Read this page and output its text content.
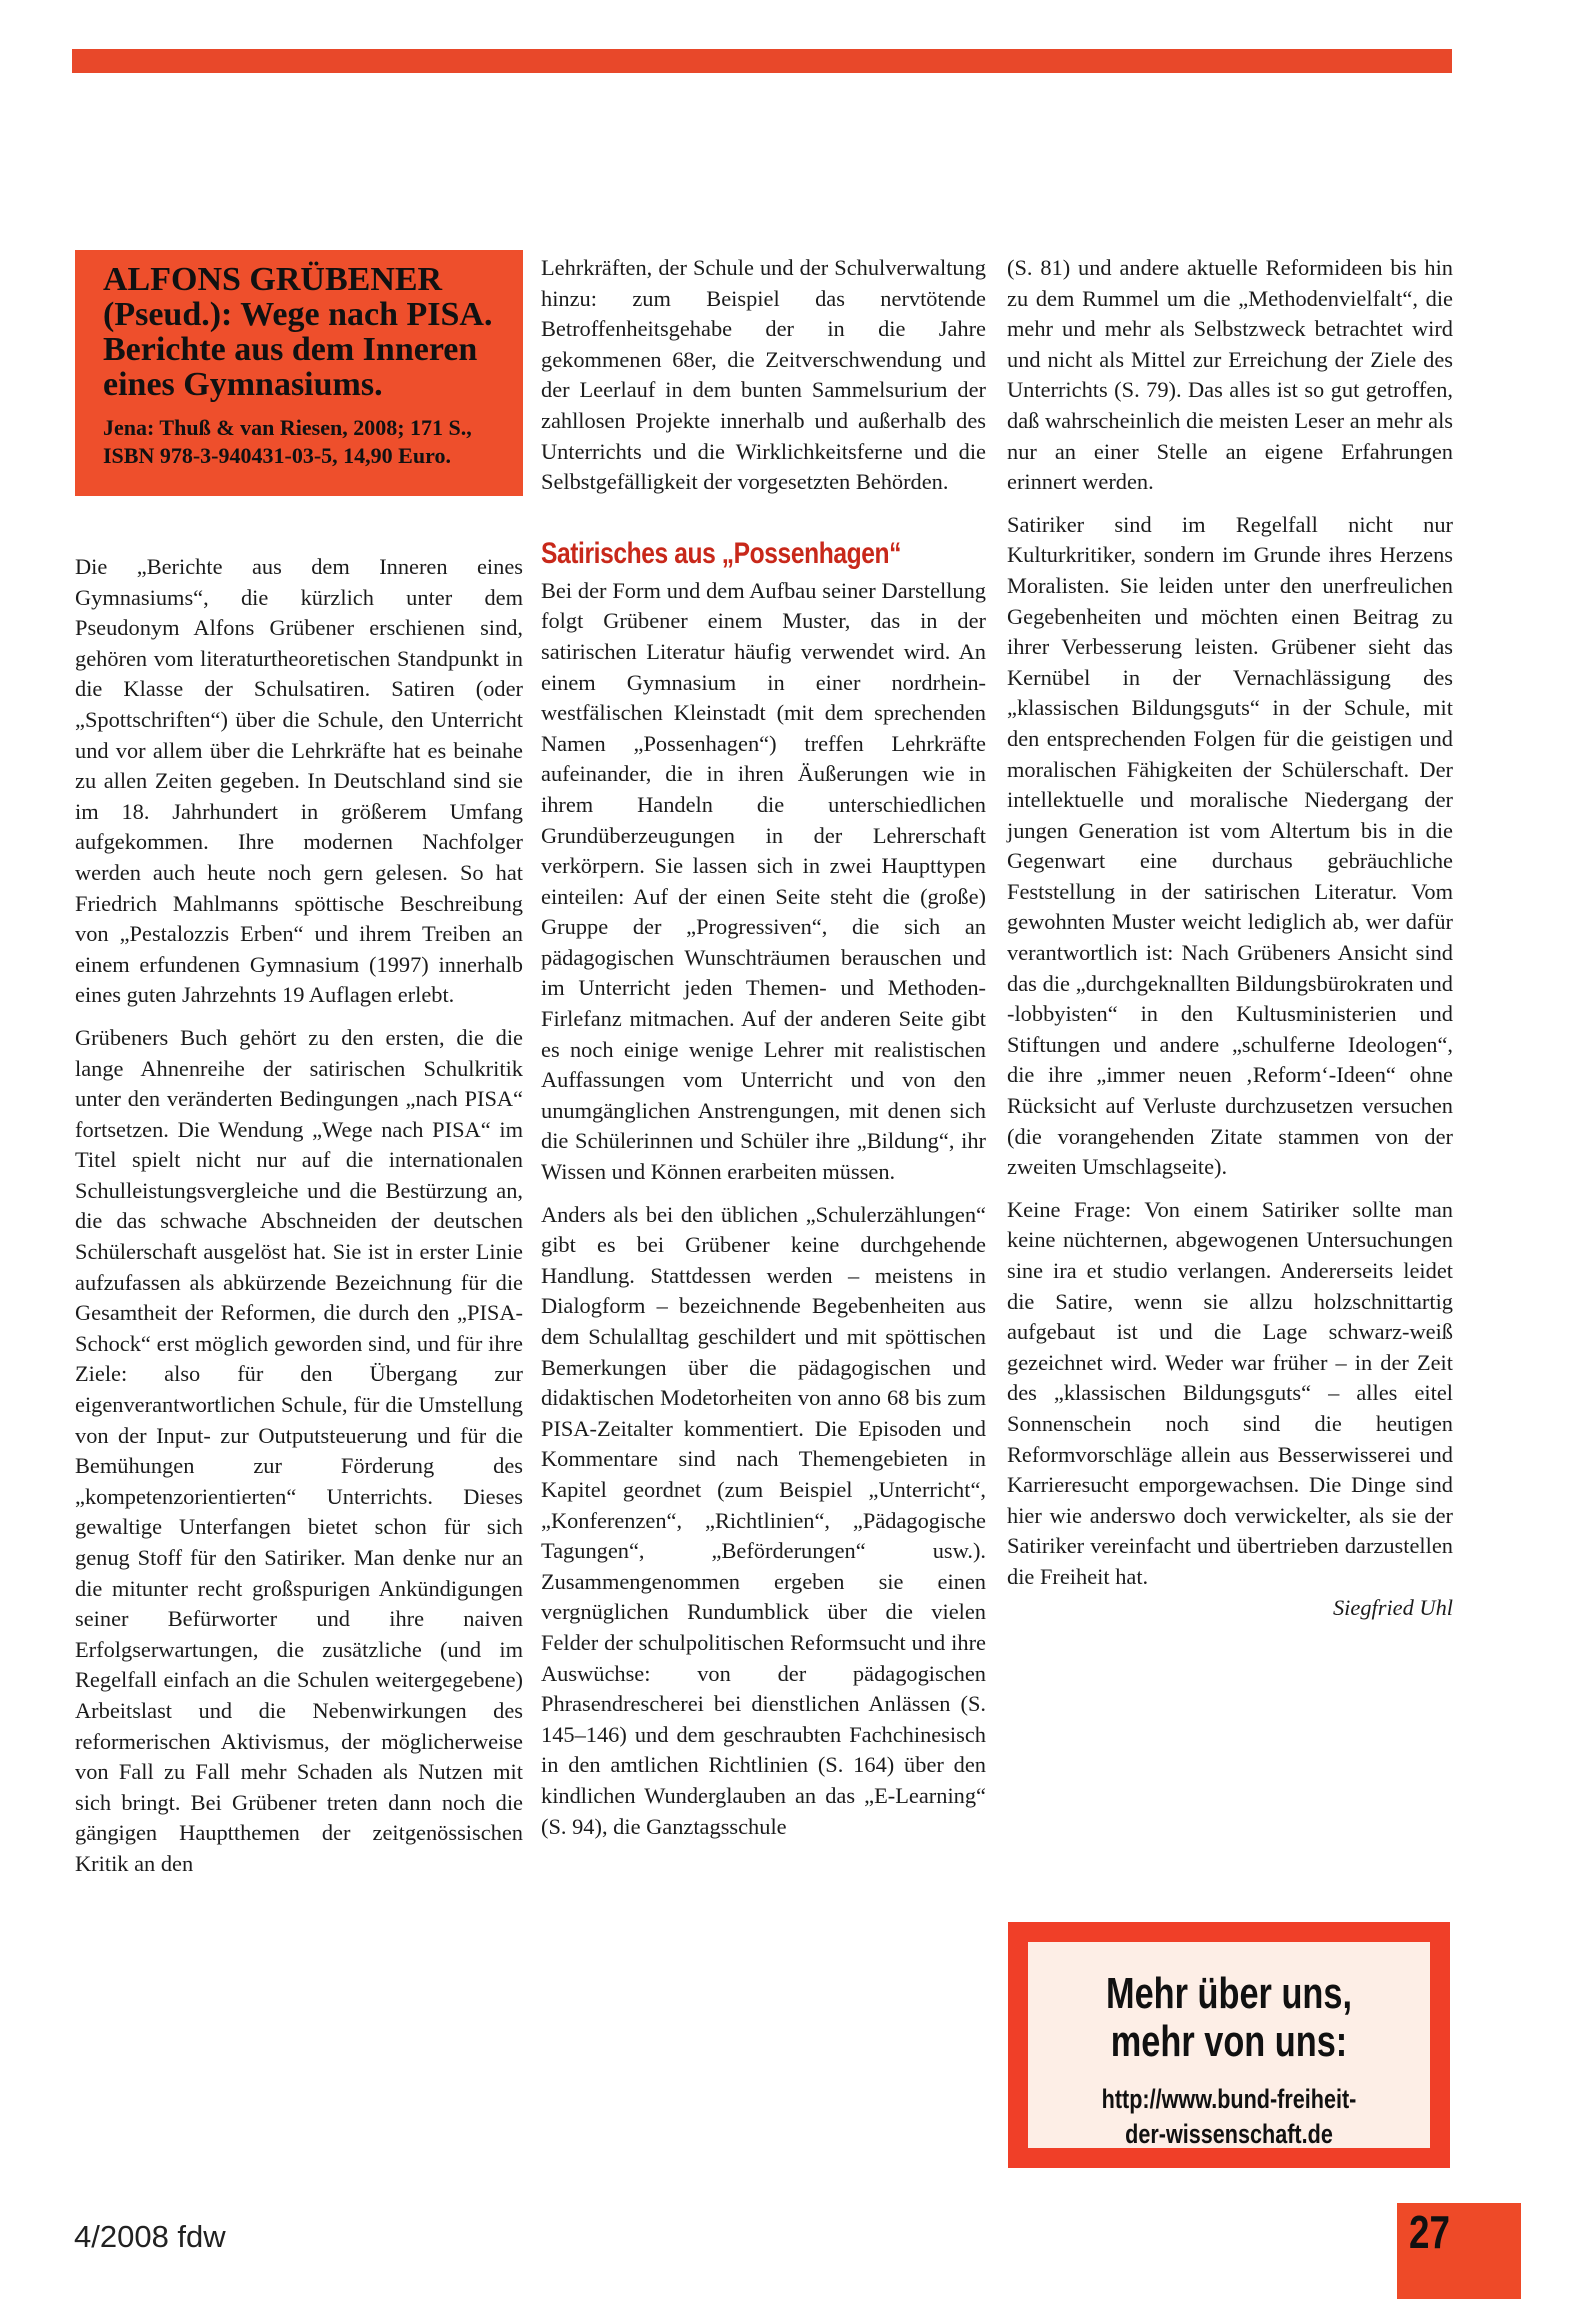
ALFONS GRÜBENER (Pseud.): Wege nach PISA. Berichte aus dem Inneren eines Gymnasiums.

Jena: Thuß & van Riesen, 2008; 171 S., ISBN 978-3-940431-03-5, 14,90 Euro.

Die „Berichte aus dem Inneren eines Gymnasiums“, die kürzlich unter dem Pseudonym Alfons Grübener erschienen sind, gehören vom literaturtheoretischen Standpunkt in die Klasse der Schulsatiren. Satiren (oder „Spottschriften“) über die Schule, den Unterricht und vor allem über die Lehrkräfte hat es beinahe zu allen Zeiten gegeben. In Deutschland sind sie im 18. Jahrhundert in größerem Umfang aufgekommen. Ihre modernen Nachfolger werden auch heute noch gern gelesen. So hat Friedrich Mahlmanns spöttische Beschreibung von „Pestalozzis Erben“ und ihrem Treiben an einem erfundenen Gymnasium (1997) innerhalb eines guten Jahrzehnts 19 Auflagen erlebt.

Grübeners Buch gehört zu den ersten, die die lange Ahnenreihe der satirischen Schulkritik unter den veränderten Bedingungen „nach PISA“ fortsetzen. Die Wendung „Wege nach PISA“ im Titel spielt nicht nur auf die internationalen Schulleistungsvergleiche und die Bestürzung an, die das schwache Abschneiden der deutschen Schülerschaft ausgelöst hat. Sie ist in erster Linie aufzufassen als abkürzende Bezeichnung für die Gesamtheit der Reformen, die durch den „PISA-Schock“ erst möglich geworden sind, und für ihre Ziele: also für den Übergang zur eigenverantwortlichen Schule, für die Umstellung von der Input- zur Outputsteuerung und für die Bemühungen zur Förderung des „kompetenzorientierten“ Unterrichts. Dieses gewaltige Unterfangen bietet schon für sich genug Stoff für den Satiriker. Man denke nur an die mitunter recht großspurigen Ankündigungen seiner Befürworter und ihre naiven Erfolgserwartungen, die zusätzliche (und im Regelfall einfach an die Schulen weitergegebene) Arbeitslast und die Nebenwirkungen des reformerischen Aktivismus, der möglicherweise von Fall zu Fall mehr Schaden als Nutzen mit sich bringt. Bei Grübener treten dann noch die gängigen Hauptthemen der zeitgenössischen Kritik an den

Lehrkräften, der Schule und der Schulverwaltung hinzu: zum Beispiel das nervtötende Betroffenheitsgehabe der in die Jahre gekommenen 68er, die Zeitverschwendung und der Leerlauf in dem bunten Sammelsurium der zahllosen Projekte innerhalb und außerhalb des Unterrichts und die Wirklichkeitsferne und die Selbstgefälligkeit der vorgesetzten Behörden.

Satirisches aus „Possenhagen“

Bei der Form und dem Aufbau seiner Darstellung folgt Grübener einem Muster, das in der satirischen Literatur häufig verwendet wird. An einem Gymnasium in einer nordrhein-westfälischen Kleinstadt (mit dem sprechenden Namen „Possenhagen“) treffen Lehrkräfte aufeinander, die in ihren Äußerungen wie in ihrem Handeln die unterschiedlichen Grundüberzeugungen in der Lehrerschaft verkörpern. Sie lassen sich in zwei Haupttypen einteilen: Auf der einen Seite steht die (große) Gruppe der „Progressiven“, die sich an pädagogischen Wunschträumen berauschen und im Unterricht jeden Themen- und Methoden-Firlefanz mitmachen. Auf der anderen Seite gibt es noch einige wenige Lehrer mit realistischen Auffassungen vom Unterricht und von den unumgänglichen Anstrengungen, mit denen sich die Schülerinnen und Schüler ihre „Bildung“, ihr Wissen und Können erarbeiten müssen.

Anders als bei den üblichen „Schulerzählungen“ gibt es bei Grübener keine durchgehende Handlung. Stattdessen werden – meistens in Dialogform – bezeichnende Begebenheiten aus dem Schulalltag geschildert und mit spöttischen Bemerkungen über die pädagogischen und didaktischen Modetorheiten von anno 68 bis zum PISA-Zeitalter kommentiert. Die Episoden und Kommentare sind nach Themengebieten in Kapitel geordnet (zum Beispiel „Unterricht“, „Konferenzen“, „Richtlinien“, „Pädagogische Tagungen“, „Beförderungen“ usw.). Zusammengenommen ergeben sie einen vergnüglichen Rundumblick über die vielen Felder der schulpolitischen Reformsucht und ihre Auswüchse: von der pädagogischen Phrasendrescherei bei dienstlichen Anlässen (S. 145–146) und dem geschraubten Fachchinesisch in den amtlichen Richtlinien (S. 164) über den kindlichen Wunderglauben an das „E-Learning“ (S. 94), die Ganztagsschule

(S. 81) und andere aktuelle Reformideen bis hin zu dem Rummel um die „Methodenvielfalt“, die mehr und mehr als Selbstzweck betrachtet wird und nicht als Mittel zur Erreichung der Ziele des Unterrichts (S. 79). Das alles ist so gut getroffen, daß wahrscheinlich die meisten Leser an mehr als nur an einer Stelle an eigene Erfahrungen erinnert werden.

Satiriker sind im Regelfall nicht nur Kulturkritiker, sondern im Grunde ihres Herzens Moralisten. Sie leiden unter den unerfreulichen Gegebenheiten und möchten einen Beitrag zu ihrer Verbesserung leisten. Grübener sieht das Kernübel in der Vernachlässigung des „klassischen Bildungsguts“ in der Schule, mit den entsprechenden Folgen für die geistigen und moralischen Fähigkeiten der Schülerschaft. Der intellektuelle und moralische Niedergang der jungen Generation ist vom Altertum bis in die Gegenwart eine durchaus gebräuchliche Feststellung in der satirischen Literatur. Vom gewohnten Muster weicht lediglich ab, wer dafür verantwortlich ist: Nach Grübeners Ansicht sind das die „durchgeknallten Bildungsbürokraten und -lobbyisten“ in den Kultusministerien und Stiftungen und andere „schulferne Ideologen“, die ihre „immer neuen ‚Reform‘-Ideen“ ohne Rücksicht auf Verluste durchzusetzen versuchen (die vorangehenden Zitate stammen von der zweiten Umschlagseite).

Keine Frage: Von einem Satiriker sollte man keine nüchternen, abgewogenen Untersuchungen sine ira et studio verlangen. Andererseits leidet die Satire, wenn sie allzu holzschnittartig aufgebaut ist und die Lage schwarz-weiß gezeichnet wird. Weder war früher – in der Zeit des „klassischen Bildungsguts“ – alles eitel Sonnenschein noch sind die heutigen Reformvorschläge allein aus Besserwisserei und Karrieresucht emporgewachsen. Die Dinge sind hier wie anderswo doch verwickelter, als sie der Satiriker vereinfacht und übertrieben darzustellen die Freiheit hat.

Siegfried Uhl

Mehr über uns,
mehr von uns:
http://www.bund-freiheit-
der-wissenschaft.de
4/2008 fdw	27
